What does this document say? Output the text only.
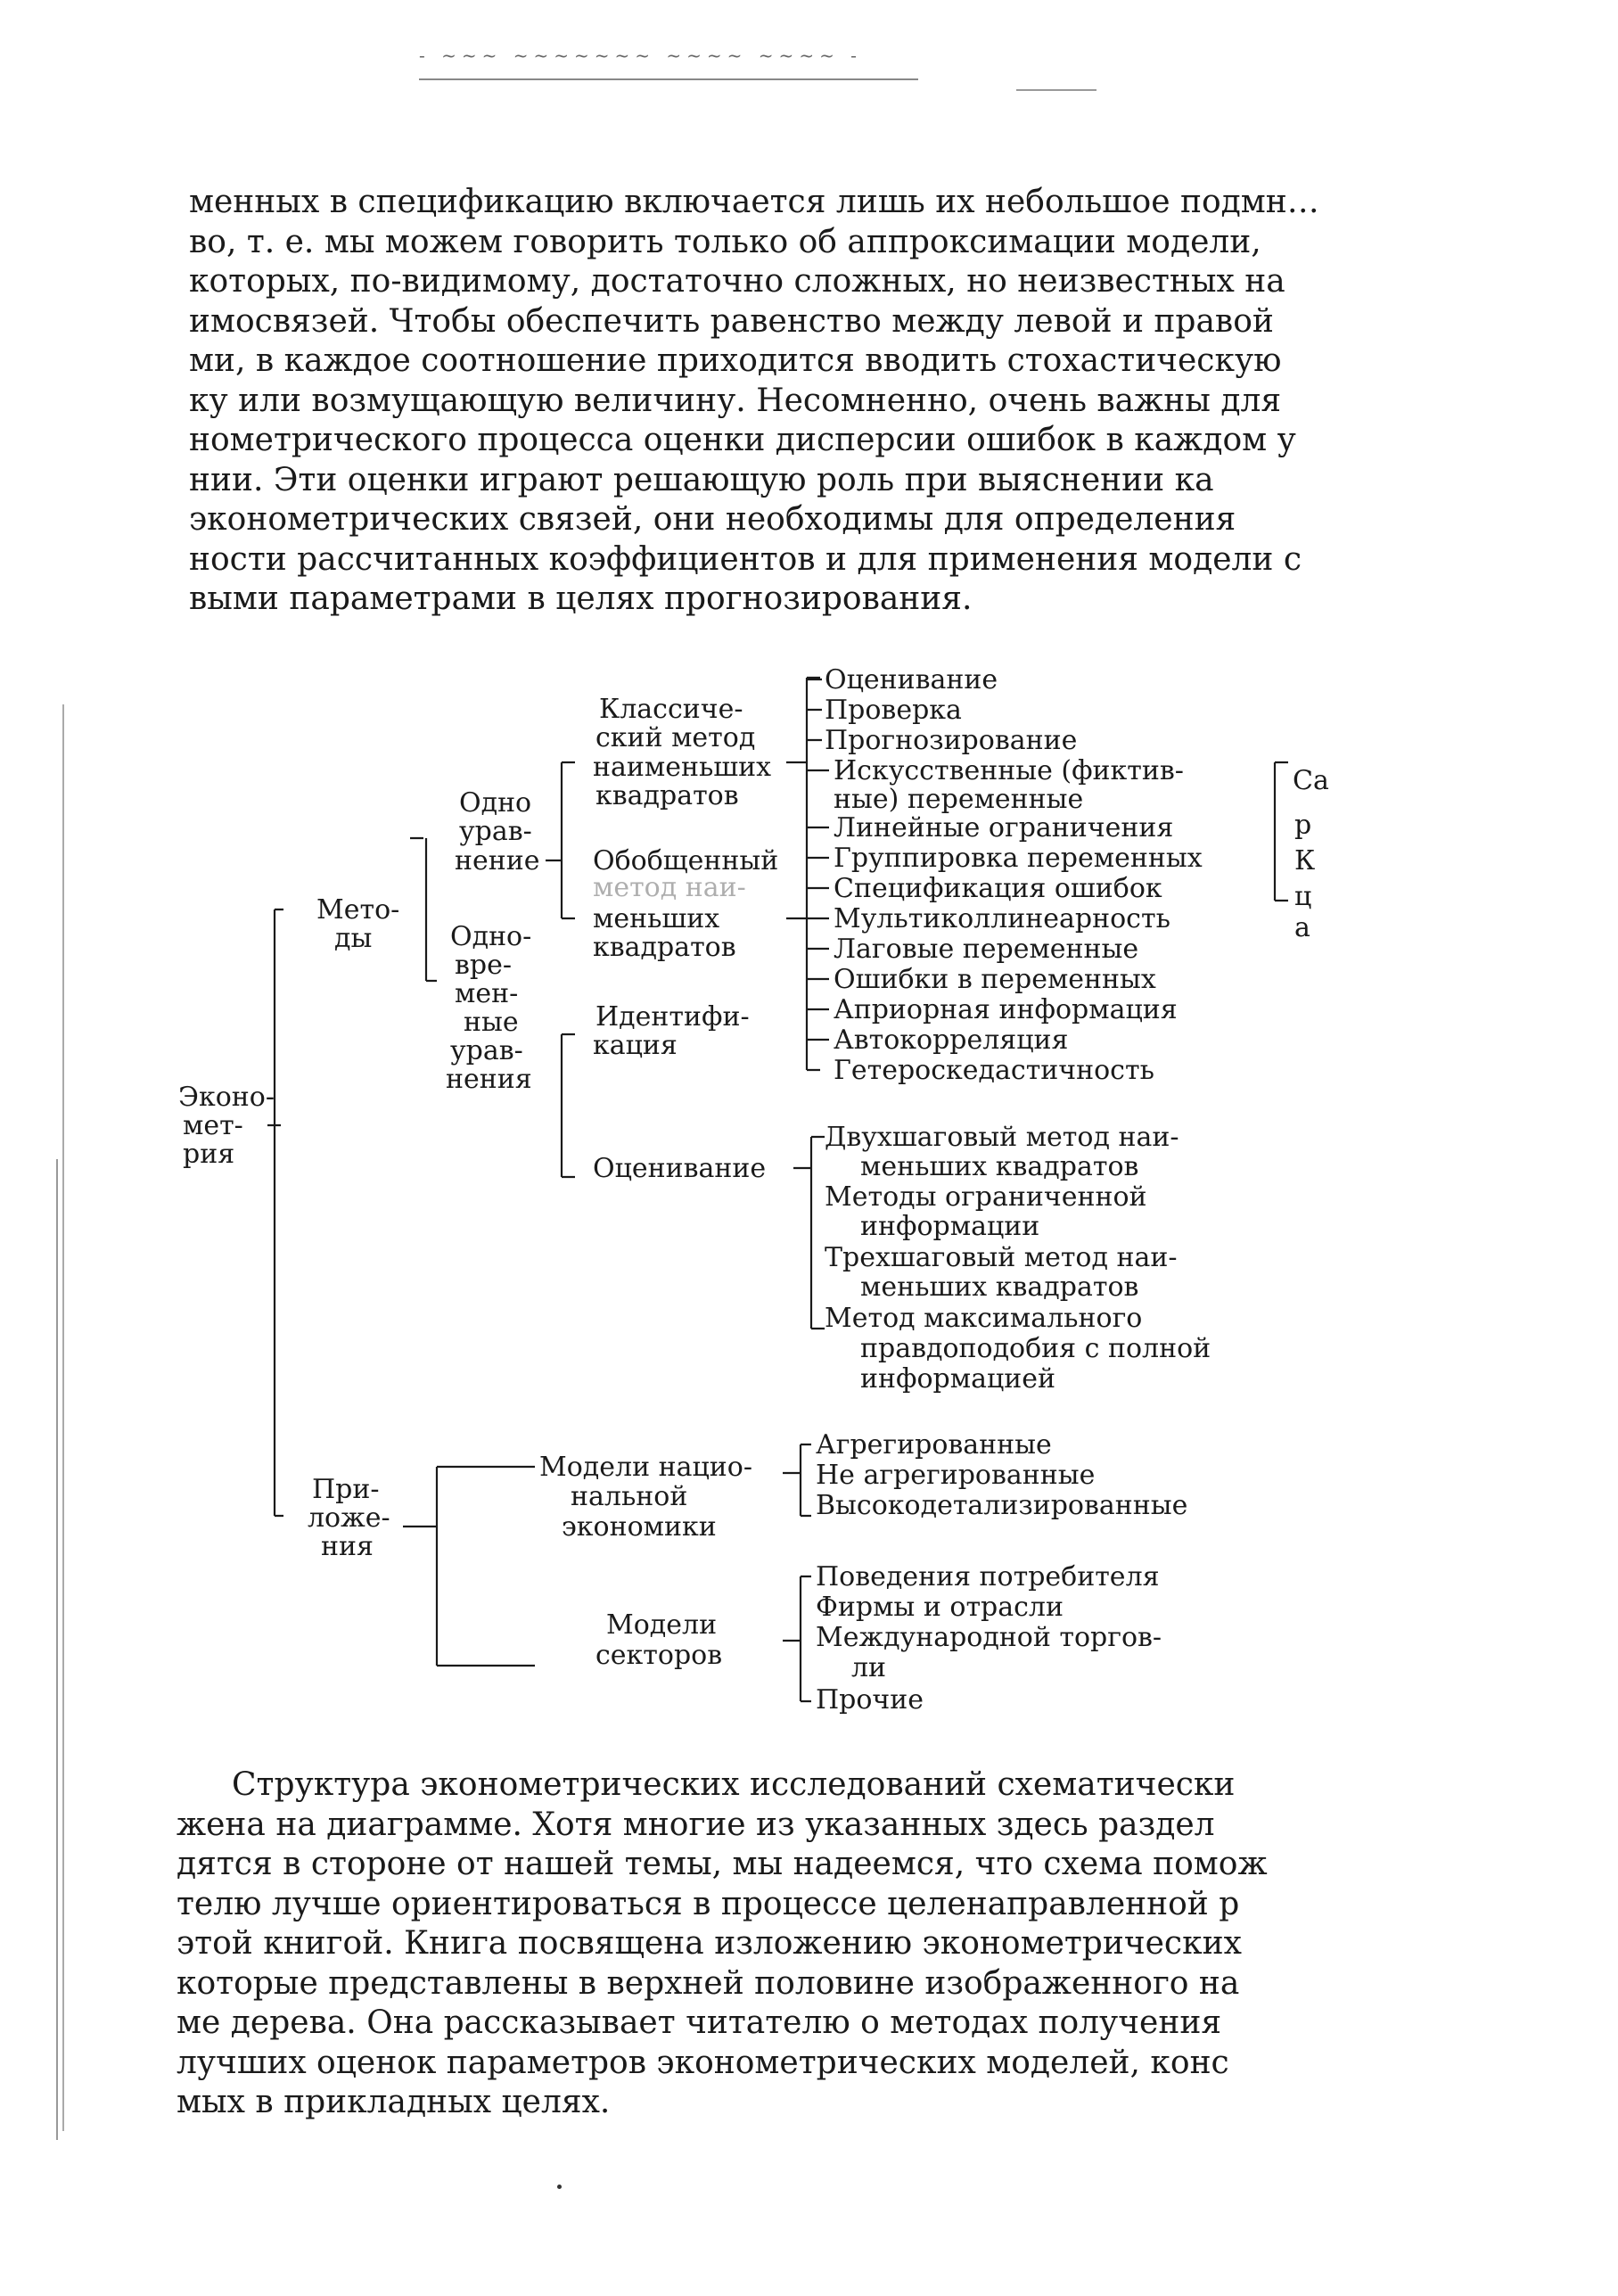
- ~~~ ~~~~~~~ ~~~~ ~~~~ -
менных в спецификацию включается лишь их небольшое подмн…
во, т. е. мы можем говорить только об аппроксимации модели,
которых, по-видимому, достаточно сложных, но неизвестных на
имосвязей. Чтобы обеспечить равенство между левой и правой
ми, в каждое соотношение приходится вводить стохастическую
ку или возмущающую величину. Несомненно, очень важны для
нометрического процесса оценки дисперсии ошибок в каждом у
нии. Эти оценки играют решающую роль при выяснении ка
эконометрических связей, они необходимы для определения
ности рассчитанных коэффициентов и для применения модели с
выми параметрами в целях прогнозирования.
Эконо-
мет-
рия
Мето-
ды
При-
ложе-
ния
Одно
урав-
нение
Одно-
вре-
мен-
ные
урав-
нения
Классиче-
ский метод
наименьших
квадратов
Обобщенный
метод наи-
меньших
квадратов
Идентифи-
кация
Оценивание
Оценивание
Проверка
Прогнозирование
Искусственные (фиктив-
ные) переменные
Линейные ограничения
Группировка переменных
Спецификация ошибок
Мультиколлинеарность
Лаговые переменные
Ошибки в переменных
Априорная информация
Автокорреляция
Гетероскедастичность
Са
р
К
ц
а
Двухшаговый метод наи-
меньших квадратов
Методы ограниченной
информации
Трехшаговый метод наи-
меньших квадратов
Метод максимального
правдоподобия с полной
информацией
Модели нацио-
нальной
экономики
Агрегированные
Не агрегированные
Высокодетализированные
Модели
секторов
Поведения потребителя
Фирмы и отрасли
Международной торгов-
ли
Прочие
Структура эконометрических исследований схематически
жена на диаграмме. Хотя многие из указанных здесь раздел
дятся в стороне от нашей темы, мы надеемся, что схема помож
телю лучше ориентироваться в процессе целенаправленной р
этой книгой. Книга посвящена изложению эконометрических
которые представлены в верхней половине изображенного на
ме дерева. Она рассказывает читателю о методах получения
лучших оценок параметров эконометрических моделей, конс
мых в прикладных целях.
